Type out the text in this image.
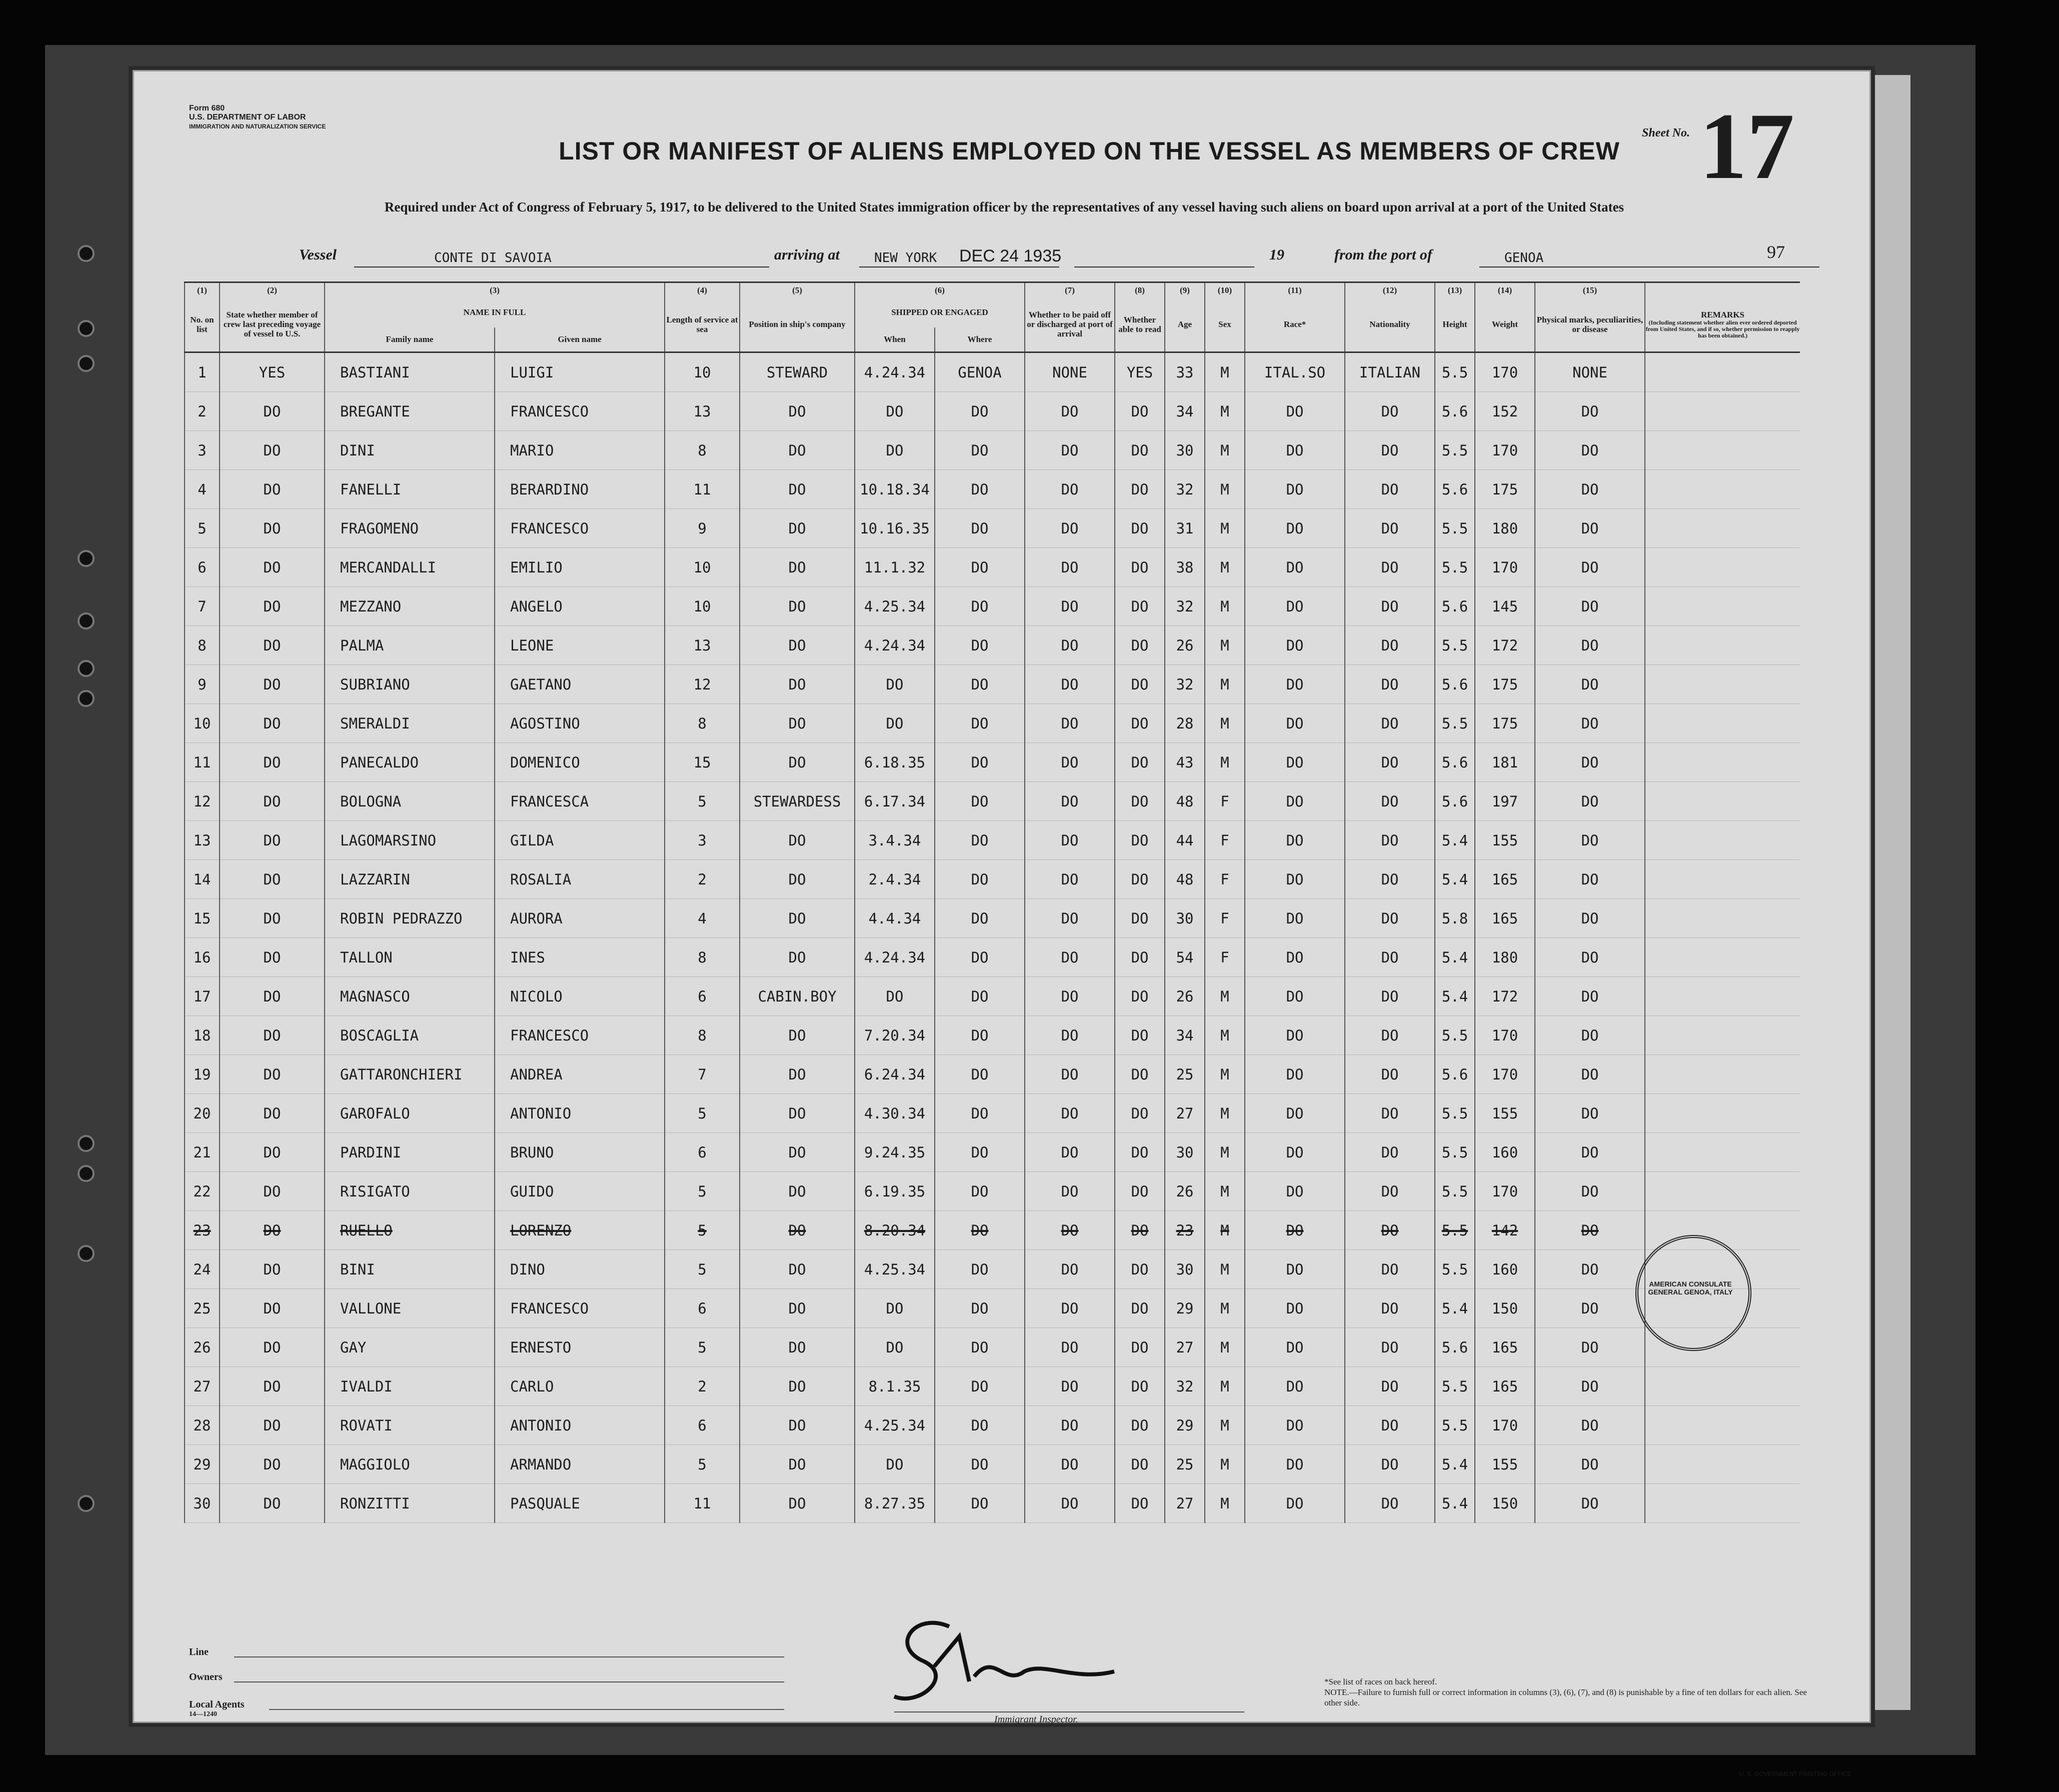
Form 680
U.S. DEPARTMENT OF LABOR
IMMIGRATION AND NATURALIZATION SERVICE
LIST OR MANIFEST OF ALIENS EMPLOYED ON THE VESSEL AS MEMBERS OF CREW
Sheet No. 17
97
Required under Act of Congress of February 5, 1917, to be delivered to the United States immigration officer by the representatives of any vessel having such aliens on board upon arrival at a port of the United States
Vessel	CONTE DI SAVOIA	arriving at	NEW YORK DEC 24 1935	19	from the port of	GENOA
(1)	(2)	(3)		(4)	(5)	(6)		(7)	(8)	(9)	(10)	(11)	(12)	(13)	(14)	(15)	
No. on list	State whether member of crew last preceding voyage of vessel to U.S.	NAME IN FULL		Length of service at sea	Position in ship's company	SHIPPED OR ENGAGED		Whether to be paid off or discharged at port of arrival	Whether able to read	Age	Sex	Race*	Nationality	Height	Weight	Physical marks, peculiarities, or disease	REMARKS
(Including statement whether alien ever ordered deported from United States, and if so, whether permission to reapply has been obtained.)

		Family name	Given name			When	Where										
1	YES	BASTIANI	LUIGI	10	STEWARD	4.24.34	GENOA	NONE	YES	33	M	ITAL.SO	ITALIAN	5.5	170	NONE	
2	DO	BREGANTE	FRANCESCO	13	DO	DO	DO	DO	DO	34	M	DO	DO	5.6	152	DO	
3	DO	DINI	MARIO	8	DO	DO	DO	DO	DO	30	M	DO	DO	5.5	170	DO	
4	DO	FANELLI	BERARDINO	11	DO	10.18.34	DO	DO	DO	32	M	DO	DO	5.6	175	DO	
5	DO	FRAGOMENO	FRANCESCO	9	DO	10.16.35	DO	DO	DO	31	M	DO	DO	5.5	180	DO	
6	DO	MERCANDALLI	EMILIO	10	DO	11.1.32	DO	DO	DO	38	M	DO	DO	5.5	170	DO	
7	DO	MEZZANO	ANGELO	10	DO	4.25.34	DO	DO	DO	32	M	DO	DO	5.6	145	DO	
8	DO	PALMA	LEONE	13	DO	4.24.34	DO	DO	DO	26	M	DO	DO	5.5	172	DO	
9	DO	SUBRIANO	GAETANO	12	DO	DO	DO	DO	DO	32	M	DO	DO	5.6	175	DO	
10	DO	SMERALDI	AGOSTINO	8	DO	DO	DO	DO	DO	28	M	DO	DO	5.5	175	DO	
11	DO	PANECALDO	DOMENICO	15	DO	6.18.35	DO	DO	DO	43	M	DO	DO	5.6	181	DO	
12	DO	BOLOGNA	FRANCESCA	5	STEWARDESS	6.17.34	DO	DO	DO	48	F	DO	DO	5.6	197	DO	
13	DO	LAGOMARSINO	GILDA	3	DO	3.4.34	DO	DO	DO	44	F	DO	DO	5.4	155	DO	
14	DO	LAZZARIN	ROSALIA	2	DO	2.4.34	DO	DO	DO	48	F	DO	DO	5.4	165	DO	
15	DO	ROBIN PEDRAZZO	AURORA	4	DO	4.4.34	DO	DO	DO	30	F	DO	DO	5.8	165	DO	
16	DO	TALLON	INES	8	DO	4.24.34	DO	DO	DO	54	F	DO	DO	5.4	180	DO	
17	DO	MAGNASCO	NICOLO	6	CABIN.BOY	DO	DO	DO	DO	26	M	DO	DO	5.4	172	DO	
18	DO	BOSCAGLIA	FRANCESCO	8	DO	7.20.34	DO	DO	DO	34	M	DO	DO	5.5	170	DO	
19	DO	GATTARONCHIERI	ANDREA	7	DO	6.24.34	DO	DO	DO	25	M	DO	DO	5.6	170	DO	
20	DO	GAROFALO	ANTONIO	5	DO	4.30.34	DO	DO	DO	27	M	DO	DO	5.5	155	DO	
21	DO	PARDINI	BRUNO	6	DO	9.24.35	DO	DO	DO	30	M	DO	DO	5.5	160	DO	
22	DO	RISIGATO	GUIDO	5	DO	6.19.35	DO	DO	DO	26	M	DO	DO	5.5	170	DO	
23	DO	RUELLO	LORENZO	5	DO	8.20.34	DO	DO	DO	23	M	DO	DO	5.5	142	DO	
24	DO	BINI	DINO	5	DO	4.25.34	DO	DO	DO	30	M	DO	DO	5.5	160	DO	
25	DO	VALLONE	FRANCESCO	6	DO	DO	DO	DO	DO	29	M	DO	DO	5.4	150	DO	
26	DO	GAY	ERNESTO	5	DO	DO	DO	DO	DO	27	M	DO	DO	5.6	165	DO	
27	DO	IVALDI	CARLO	2	DO	8.1.35	DO	DO	DO	32	M	DO	DO	5.5	165	DO	
28	DO	ROVATI	ANTONIO	6	DO	4.25.34	DO	DO	DO	29	M	DO	DO	5.5	170	DO	
29	DO	MAGGIOLO	ARMANDO	5	DO	DO	DO	DO	DO	25	M	DO	DO	5.4	155	DO	
30	DO	RONZITTI	PASQUALE	11	DO	8.27.35	DO	DO	DO	27	M	DO	DO	5.4	150	DO	
Line
Owners
Local Agents
14—1240	Immigrant Inspector.
*See list of races on back hereof.
NOTE.—Failure to furnish full or correct information in columns (3), (6), (7), and (8) is punishable by a fine of ten dollars for each alien. See other side.
U. S. GOVERNMENT PRINTING OFFICE
AMERICAN CONSULATE GENERAL GENOA, ITALY
